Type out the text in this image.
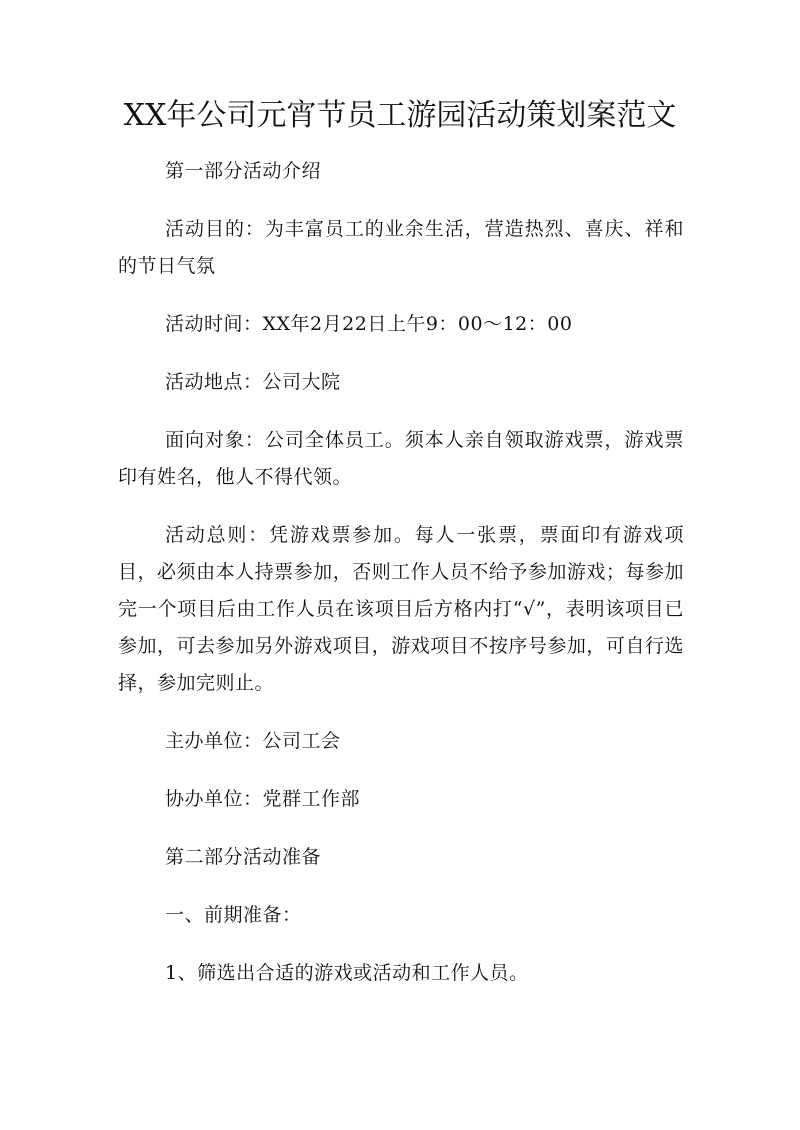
XX年公司元宵节员工游园活动策划案范文

第一部分活动介绍

活动目的：为丰富员工的业余生活，营造热烈、喜庆、祥和的节日气氛

活动时间：XX年2月22日上午9：00～12：00

活动地点：公司大院

面向对象：公司全体员工。须本人亲自领取游戏票，游戏票印有姓名，他人不得代领。

活动总则：凭游戏票参加。每人一张票，票面印有游戏项目，必须由本人持票参加，否则工作人员不给予参加游戏；每参加完一个项目后由工作人员在该项目后方格内打“√”，表明该项目已参加，可去参加另外游戏项目，游戏项目不按序号参加，可自行选择，参加完则止。

主办单位：公司工会

协办单位：党群工作部

第二部分活动准备

一、前期准备：

1、筛选出合适的游戏或活动和工作人员。
